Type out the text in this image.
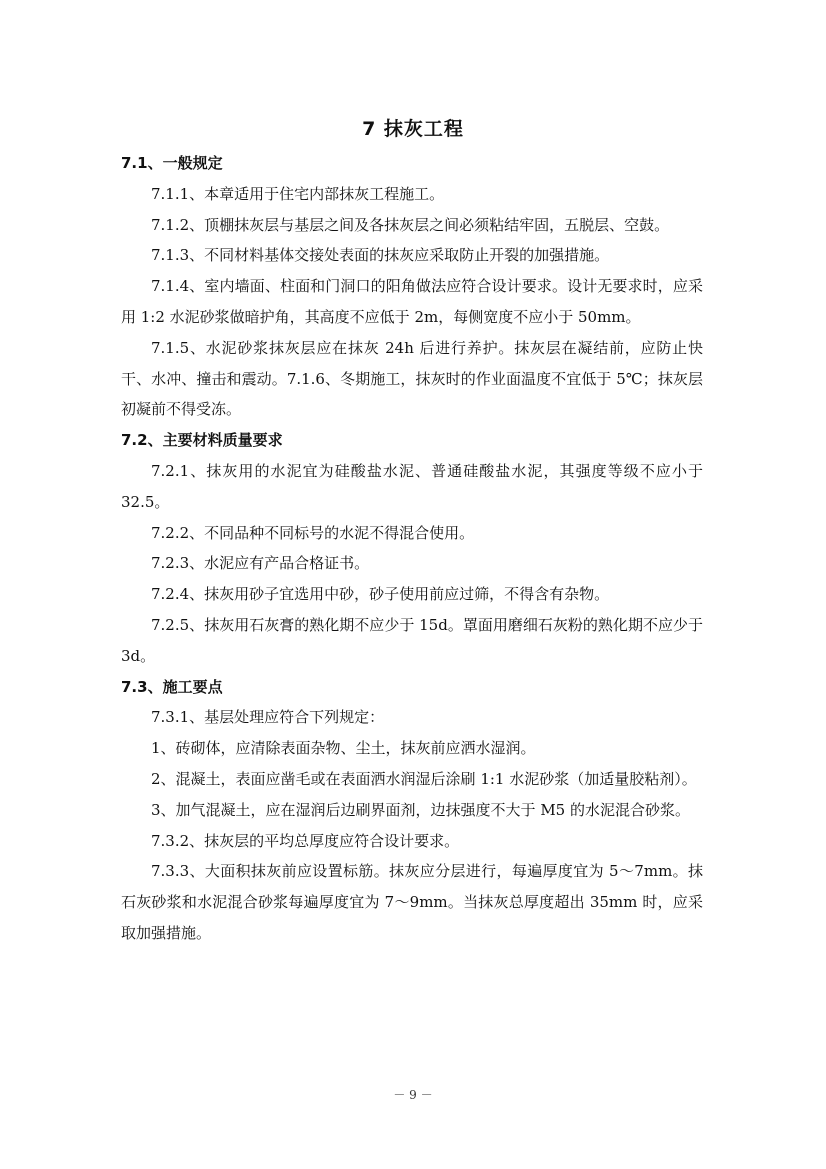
7 抹灰工程

7.1、一般规定

7.1.1、本章适用于住宅内部抹灰工程施工。

7.1.2、顶棚抹灰层与基层之间及各抹灰层之间必须粘结牢固，五脱层、空鼓。

7.1.3、不同材料基体交接处表面的抹灰应采取防止开裂的加强措施。

7.1.4、室内墙面、柱面和门洞口的阳角做法应符合设计要求。设计无要求时，应采用 1:2 水泥砂浆做暗护角，其高度不应低于 2m，每侧宽度不应小于 50mm。

7.1.5、水泥砂浆抹灰层应在抹灰 24h 后进行养护。抹灰层在凝结前，应防止快干、水冲、撞击和震动。7.1.6、冬期施工，抹灰时的作业面温度不宜低于 5℃；抹灰层初凝前不得受冻。

7.2、主要材料质量要求

7.2.1、抹灰用的水泥宜为硅酸盐水泥、普通硅酸盐水泥，其强度等级不应小于 32.5。

7.2.2、不同品种不同标号的水泥不得混合使用。

7.2.3、水泥应有产品合格证书。

7.2.4、抹灰用砂子宜选用中砂，砂子使用前应过筛，不得含有杂物。

7.2.5、抹灰用石灰膏的熟化期不应少于 15d。罩面用磨细石灰粉的熟化期不应少于 3d。

7.3、施工要点

7.3.1、基层处理应符合下列规定：

1、砖砌体，应清除表面杂物、尘土，抹灰前应洒水湿润。

2、混凝土，表面应凿毛或在表面洒水润湿后涂刷 1:1 水泥砂浆（加适量胶粘剂）。

3、加气混凝土，应在湿润后边刷界面剂，边抹强度不大于 M5 的水泥混合砂浆。

7.3.2、抹灰层的平均总厚度应符合设计要求。

7.3.3、大面积抹灰前应设置标筋。抹灰应分层进行，每遍厚度宜为 5～7mm。抹石灰砂浆和水泥混合砂浆每遍厚度宜为 7～9mm。当抹灰总厚度超出 35mm 时，应采取加强措施。

－ 9 －
